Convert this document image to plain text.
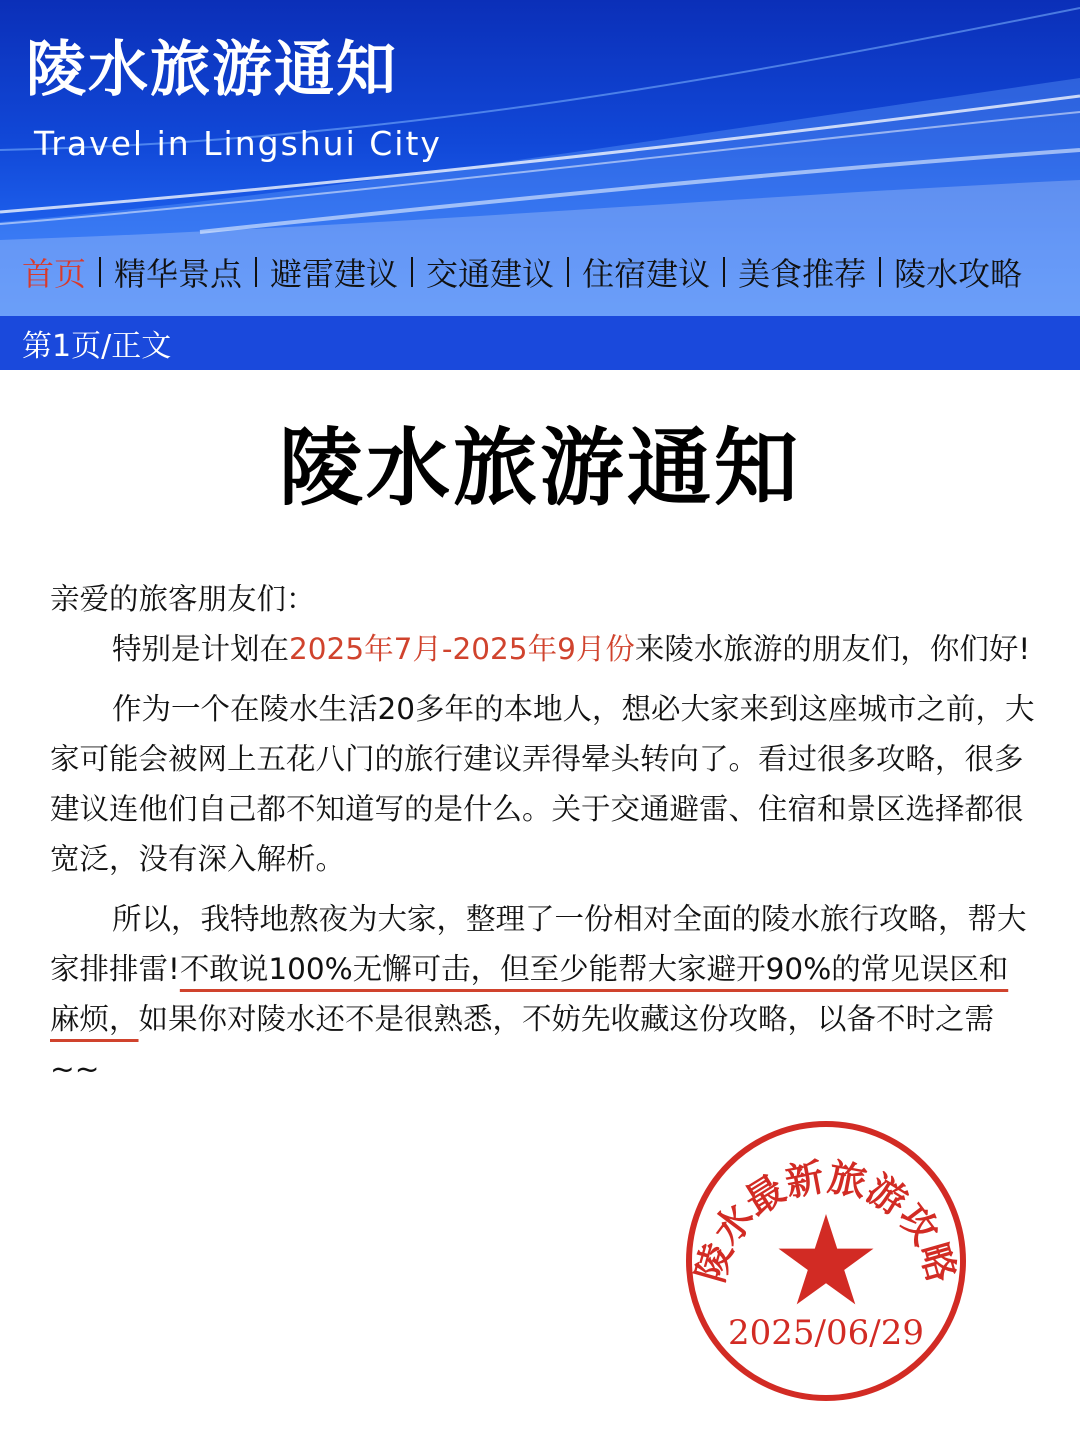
陵水旅游通知
Travel in Lingshui City
首页 精华景点 避雷建议 交通建议 住宿建议 美食推荐 陵水攻略
第1页/正文
陵水旅游通知

亲爱的旅客朋友们：

特别是计划在2025年7月-2025年9月份来陵水旅游的朋友们，你们好!

作为一个在陵水生活20多年的本地人，想必大家来到这座城市之前，大家可能会被网上五花八门的旅行建议弄得晕头转向了。看过很多攻略，很多建议连他们自己都不知道写的是什么。关于交通避雷、住宿和景区选择都很宽泛，没有深入解析。

所以，我特地熬夜为大家，整理了一份相对全面的陵水旅行攻略，帮大家排排雷!不敢说100%无懈可击，但至少能帮大家避开90%的常见误区和麻烦，如果你对陵水还不是很熟悉，不妨先收藏这份攻略，以备不时之需~~

陵水最新旅游攻略
2025/06/29
